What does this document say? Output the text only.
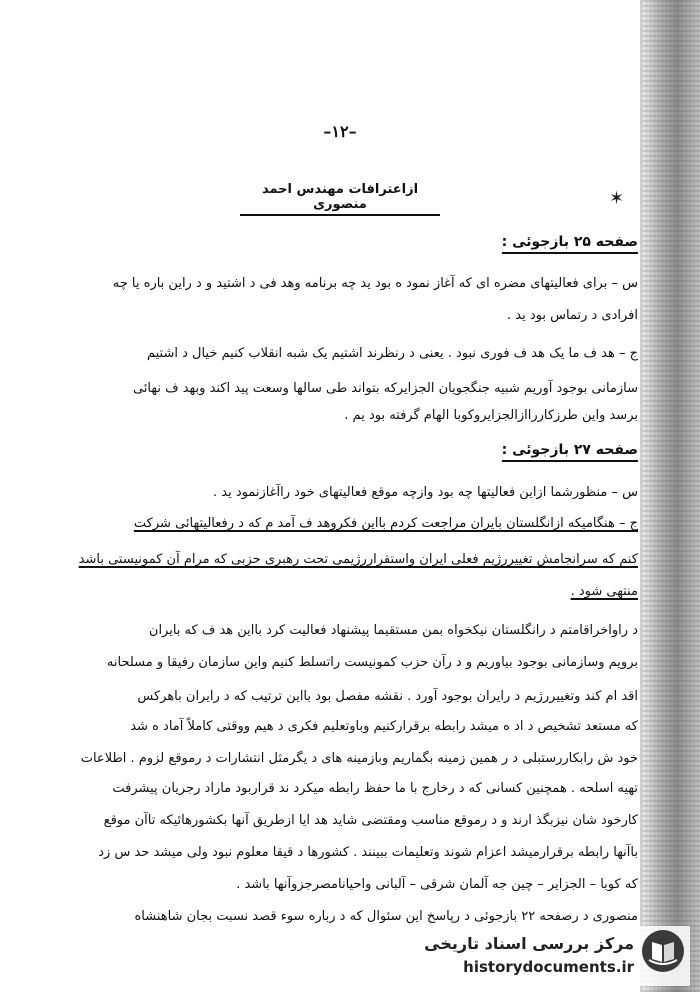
–۱۲–
✶
ازاعترافات مهندس احمد منصوری
صفحه ۲۵ بازجوئی :
س – برای فعالیتهای مضره ای که آغاز نمود ه بود ید چه برنامه وهد فی د اشتید و د راین باره یا چه
افرادی د رتماس بود ید .
ج – هد ف ما یک هد ف فوری نبود . یعنی د رنظرند اشتیم یک شبه انقلاب کنیم خیال د اشتیم
سازمانی بوجود آوریم شبیه جنگجویان الجزایرکه بتواند طی سالها وسعت پید اکند وبهد ف نهائی
برسد واین طرزکارراازالجزایروکوبا الهام گرفته بود یم .
صفحه ۲۷ بازجوئی :
س – منظورشما ازاین فعالیتها چه بود وازچه موقع فعالیتهای خود راآغازنمود ید .
ج – هنگامیکه ازانگلستان بایران مراجعت کردم بااین فکروهد ف آمد م که د رفعالیتهائی شرکت
کنم که سرانجامش تغییررژیم فعلی ایران واستقراررژیمی تحت رهبری حزبی که مرام آن کمونیستی باشد
منتهی شود .
د راواخراقامتم د رانگلستان نیکخواه بمن مستقیما پیشنهاد فعالیت کرد بااین هد ف که بایران
برویم وسازمانی بوجود بیاوریم و د رآن حزب کمونیست راتسلط کنیم واین سازمان رفیقا و مسلحانه
اقد ام کند وتغییررژیم د رایران بوجود آورد . نقشه مفصل بود بااین ترتیب که د رایران باهرکس
که مستعد تشخیص د اد ه میشد رابطه برقرارکنیم وباوتعلیم فکری د هیم ووقتی کاملاً آماد ه شد
خود ش رابکاررستبلی د ر همین زمینه بگماریم وبازمینه های د یگرمثل انتشارات د رموقع لزوم . اطلاعات
تهیه اسلحه . همچنین کسانی که د رخارج با ما حفظ رابطه میکرد ند قراربود ماراد رجریان پیشرفت
کارخود شان نیزبگذ ارند و د رموقع مناسب ومقتضی شاید هد ایا ازطریق آنها بکشورهائیکه تاآن موقع
باآنها رابطه برقرارمیشد اعزام شوند وتعلیمات ببینند . کشورها د قیقا معلوم نبود ولی میشد حد س زد
که کوبا – الجزایر – چین جه آلمان شرقی – آلبانی واحیانامصرجزوآنها باشد .
منصوری د رصفحه ۲۲ بازجوئی د رپاسخ این سئوال که د رباره سوء قصد نسبت بجان شاهنشاه
مرکز بررسی اسناد تاریخی
historydocuments.ir
